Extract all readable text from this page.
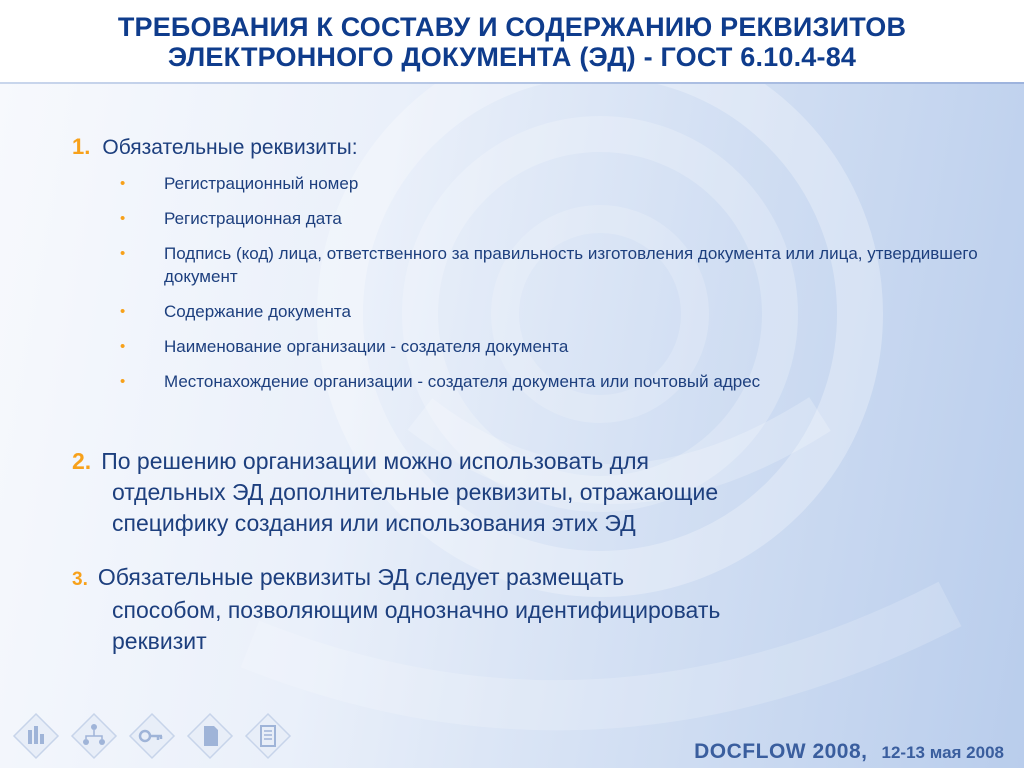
ТРЕБОВАНИЯ К СОСТАВУ И СОДЕРЖАНИЮ РЕКВИЗИТОВ
ЭЛЕКТРОННОГО ДОКУМЕНТА (ЭД) - ГОСТ 6.10.4-84
1. Обязательные реквизиты:
• Регистрационный номер
• Регистрационная дата
• Подпись (код) лица, ответственного за правильность изготовления документа или лица, утвердившего документ
• Содержание документа
• Наименование организации - создателя документа
• Местонахождение организации - создателя документа или почтовый адрес
2. По решению организации можно использовать для
отдельных ЭД дополнительные реквизиты, отражающие
специфику создания или использования этих ЭД
3. Обязательные реквизиты ЭД следует размещать
способом, позволяющим однозначно идентифицировать
реквизит
DOCFLOW 2008, 12-13 мая 2008
